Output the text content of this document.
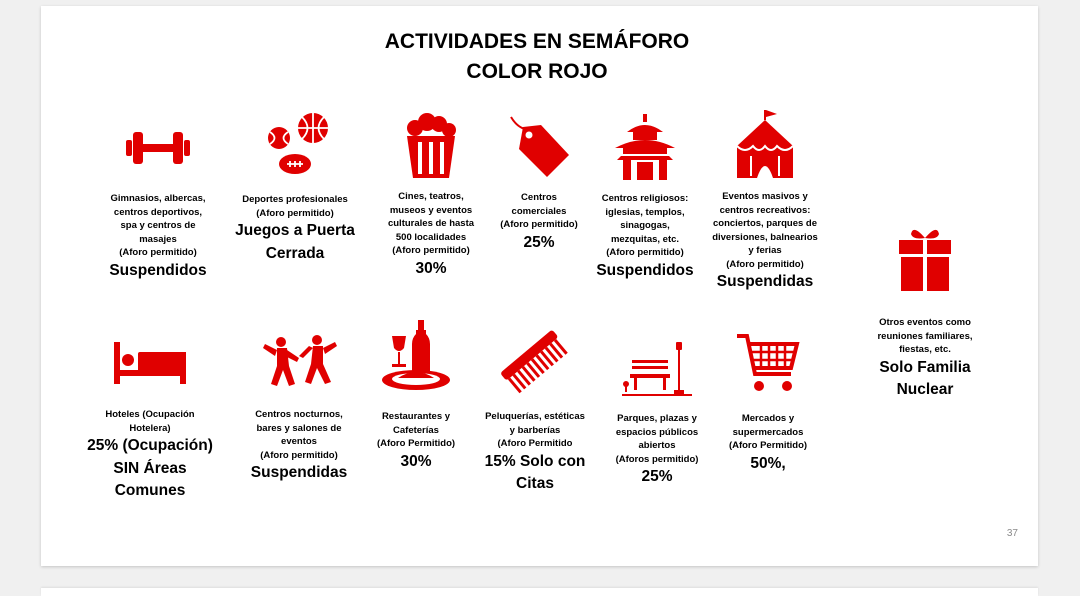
ACTIVIDADES EN SEMÁFORO
COLOR ROJO
Gimnasios, albercas,
centros deportivos,
spa y centros de
masajes
(Aforo permitido)
Suspendidos
Deportes profesionales
(Aforo permitido)
Juegos a Puerta
Cerrada
Cines, teatros,
museos y eventos
culturales de hasta
500 localidades
(Aforo permitido)
30%
Centros
comerciales
(Aforo permitido)
25%
Centros religiosos:
iglesias, templos,
sinagogas,
mezquitas, etc.
(Aforo permitido)
Suspendidos
Eventos masivos y
centros recreativos:
conciertos, parques de
diversiones, balnearios
y ferias
(Aforo permitido)
Suspendidas
Otros eventos como
reuniones familiares,
fiestas, etc.
Solo Familia
Nuclear
Hoteles (Ocupación
Hotelera)
25% (Ocupación)
SIN Áreas
Comunes
Centros nocturnos,
bares y salones de
eventos
(Aforo permitido)
Suspendidas
Restaurantes y
Cafeterías
(Aforo Permitido)
30%
Peluquerías, estéticas
y barberías
(Aforo Permitido
15% Solo con
Citas
Parques, plazas y
espacios públicos
abiertos
(Aforos permitido)
25%
Mercados y
supermercados
(Aforo Permitido)
50%,
37
